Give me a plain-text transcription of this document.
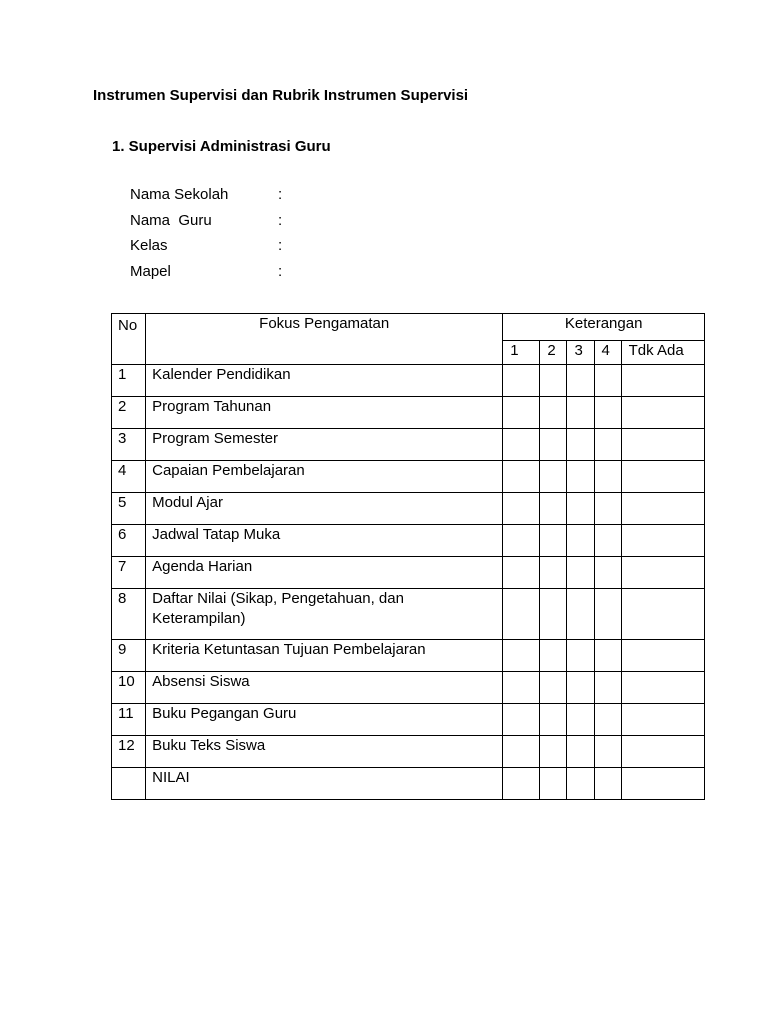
Instrumen Supervisi dan Rubrik Instrumen Supervisi
1. Supervisi Administrasi Guru
Nama Sekolah	:
Nama  Guru	:
Kelas	:
Mapel	:
No	Fokus Pengamatan	Keterangan				
		1	2	3	4	Tdk Ada
1	Kalender Pendidikan					
2	Program Tahunan					
3	Program Semester					
4	Capaian Pembelajaran					
5	Modul Ajar					
6	Jadwal Tatap Muka					
7	Agenda Harian					
8	Daftar Nilai (Sikap, Pengetahuan, dan Keterampilan)					
9	Kriteria Ketuntasan Tujuan Pembelajaran					
10	Absensi Siswa					
11	Buku Pegangan Guru					
12	Buku Teks Siswa					
	NILAI					
